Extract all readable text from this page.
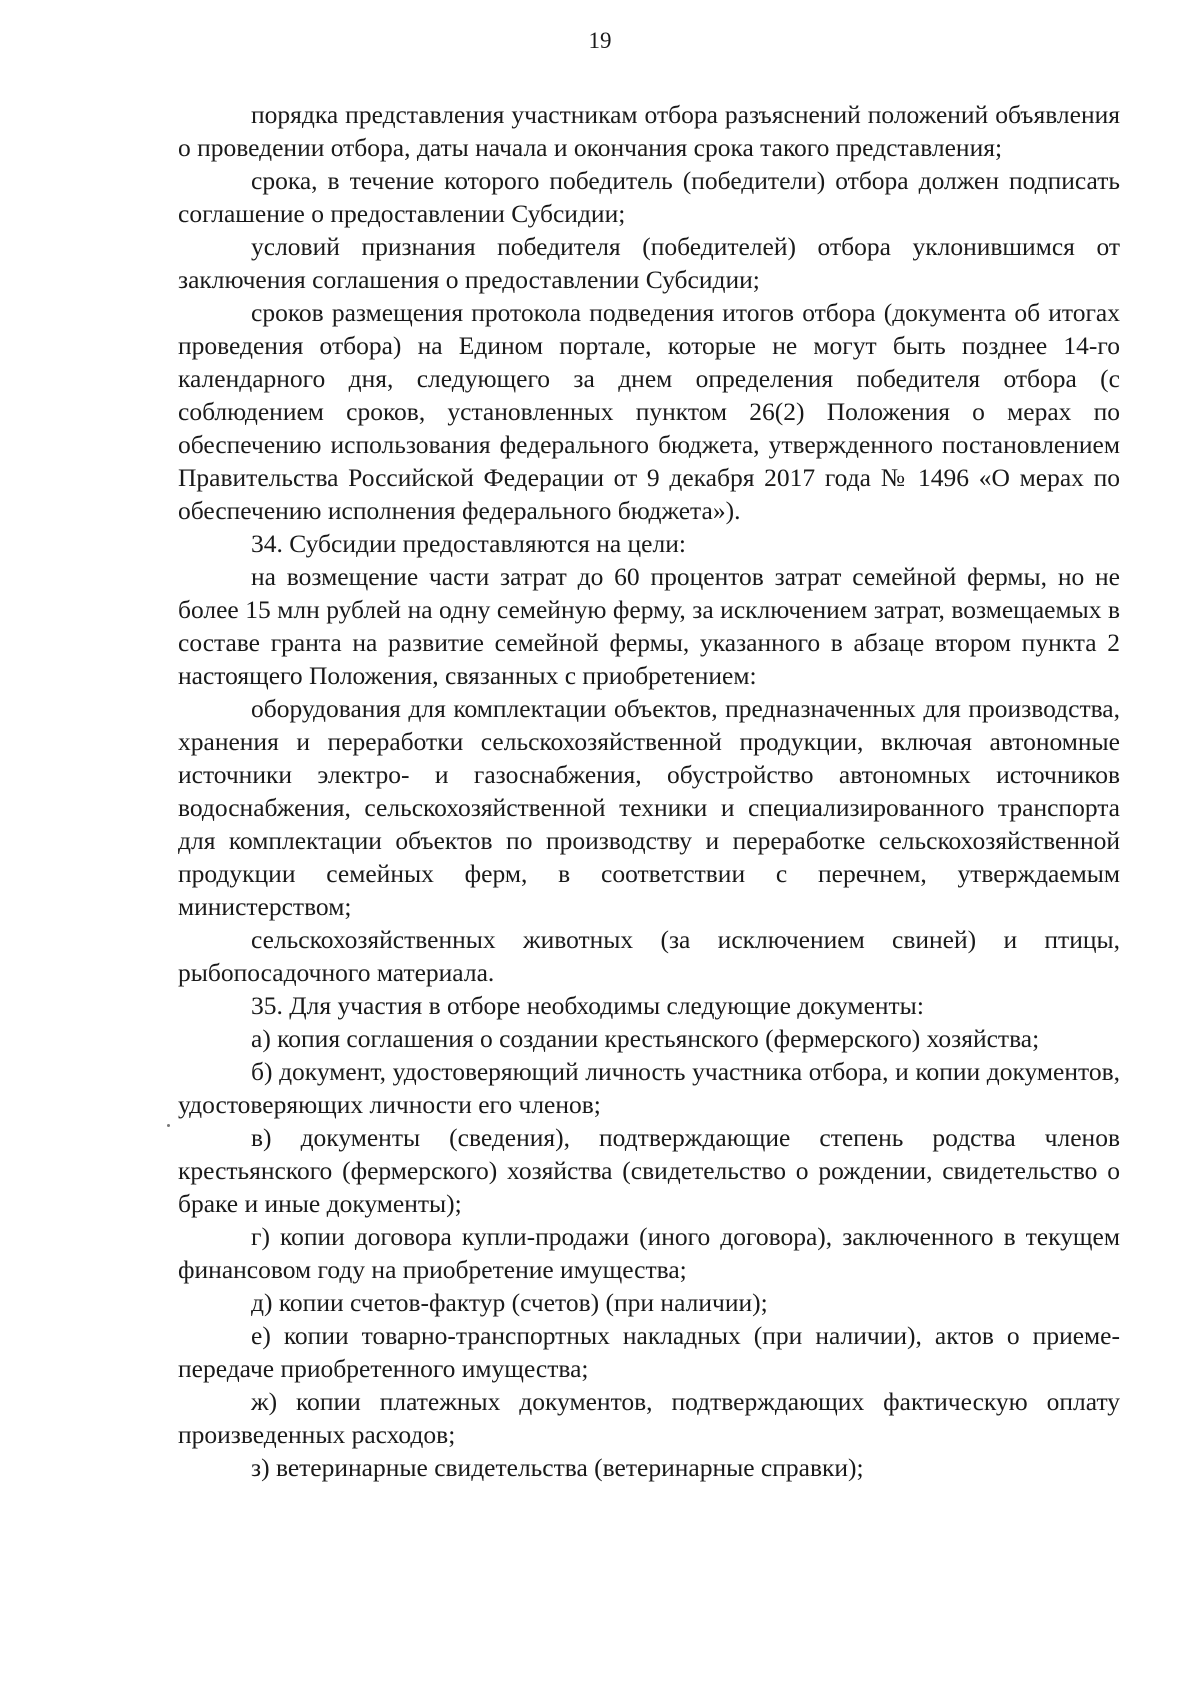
19

порядка представления участникам отбора разъяснений положений объявления о проведении отбора, даты начала и окончания срока такого представления;

срока, в течение которого победитель (победители) отбора должен подписать соглашение о предоставлении Субсидии;

условий признания победителя (победителей) отбора уклонившимся от заключения соглашения о предоставлении Субсидии;

сроков размещения протокола подведения итогов отбора (документа об итогах проведения отбора) на Едином портале, которые не могут быть позднее 14-го календарного дня, следующего за днем определения победителя отбора (с соблюдением сроков, установленных пунктом 26(2) Положения о мерах по обеспечению использования федерального бюджета, утвержденного постановлением Правительства Российской Федерации от 9 декабря 2017 года № 1496 «О мерах по обеспечению исполнения федерального бюджета»).

34. Субсидии предоставляются на цели:

на возмещение части затрат до 60 процентов затрат семейной фермы, но не более 15 млн рублей на одну семейную ферму, за исключением затрат, возмещаемых в составе гранта на развитие семейной фермы, указанного в абзаце втором пункта 2 настоящего Положения, связанных с приобретением:

оборудования для комплектации объектов, предназначенных для производства, хранения и переработки сельскохозяйственной продукции, включая автономные источники электро- и газоснабжения, обустройство автономных источников водоснабжения, сельскохозяйственной техники и специализированного транспорта для комплектации объектов по производству и переработке сельскохозяйственной продукции семейных ферм, в соответствии с перечнем, утверждаемым министерством;

сельскохозяйственных животных (за исключением свиней) и птицы, рыбопосадочного материала.

35. Для участия в отборе необходимы следующие документы:

а) копия соглашения о создании крестьянского (фермерского) хозяйства;

б) документ, удостоверяющий личность участника отбора, и копии документов, удостоверяющих личности его членов;

в) документы (сведения), подтверждающие степень родства членов крестьянского (фермерского) хозяйства (свидетельство о рождении, свидетельство о браке и иные документы);

г) копии договора купли-продажи (иного договора), заключенного в текущем финансовом году на приобретение имущества;

д) копии счетов-фактур (счетов) (при наличии);

е) копии товарно-транспортных накладных (при наличии), актов о приеме-передаче приобретенного имущества;

ж) копии платежных документов, подтверждающих фактическую оплату произведенных расходов;

з) ветеринарные свидетельства (ветеринарные справки);
